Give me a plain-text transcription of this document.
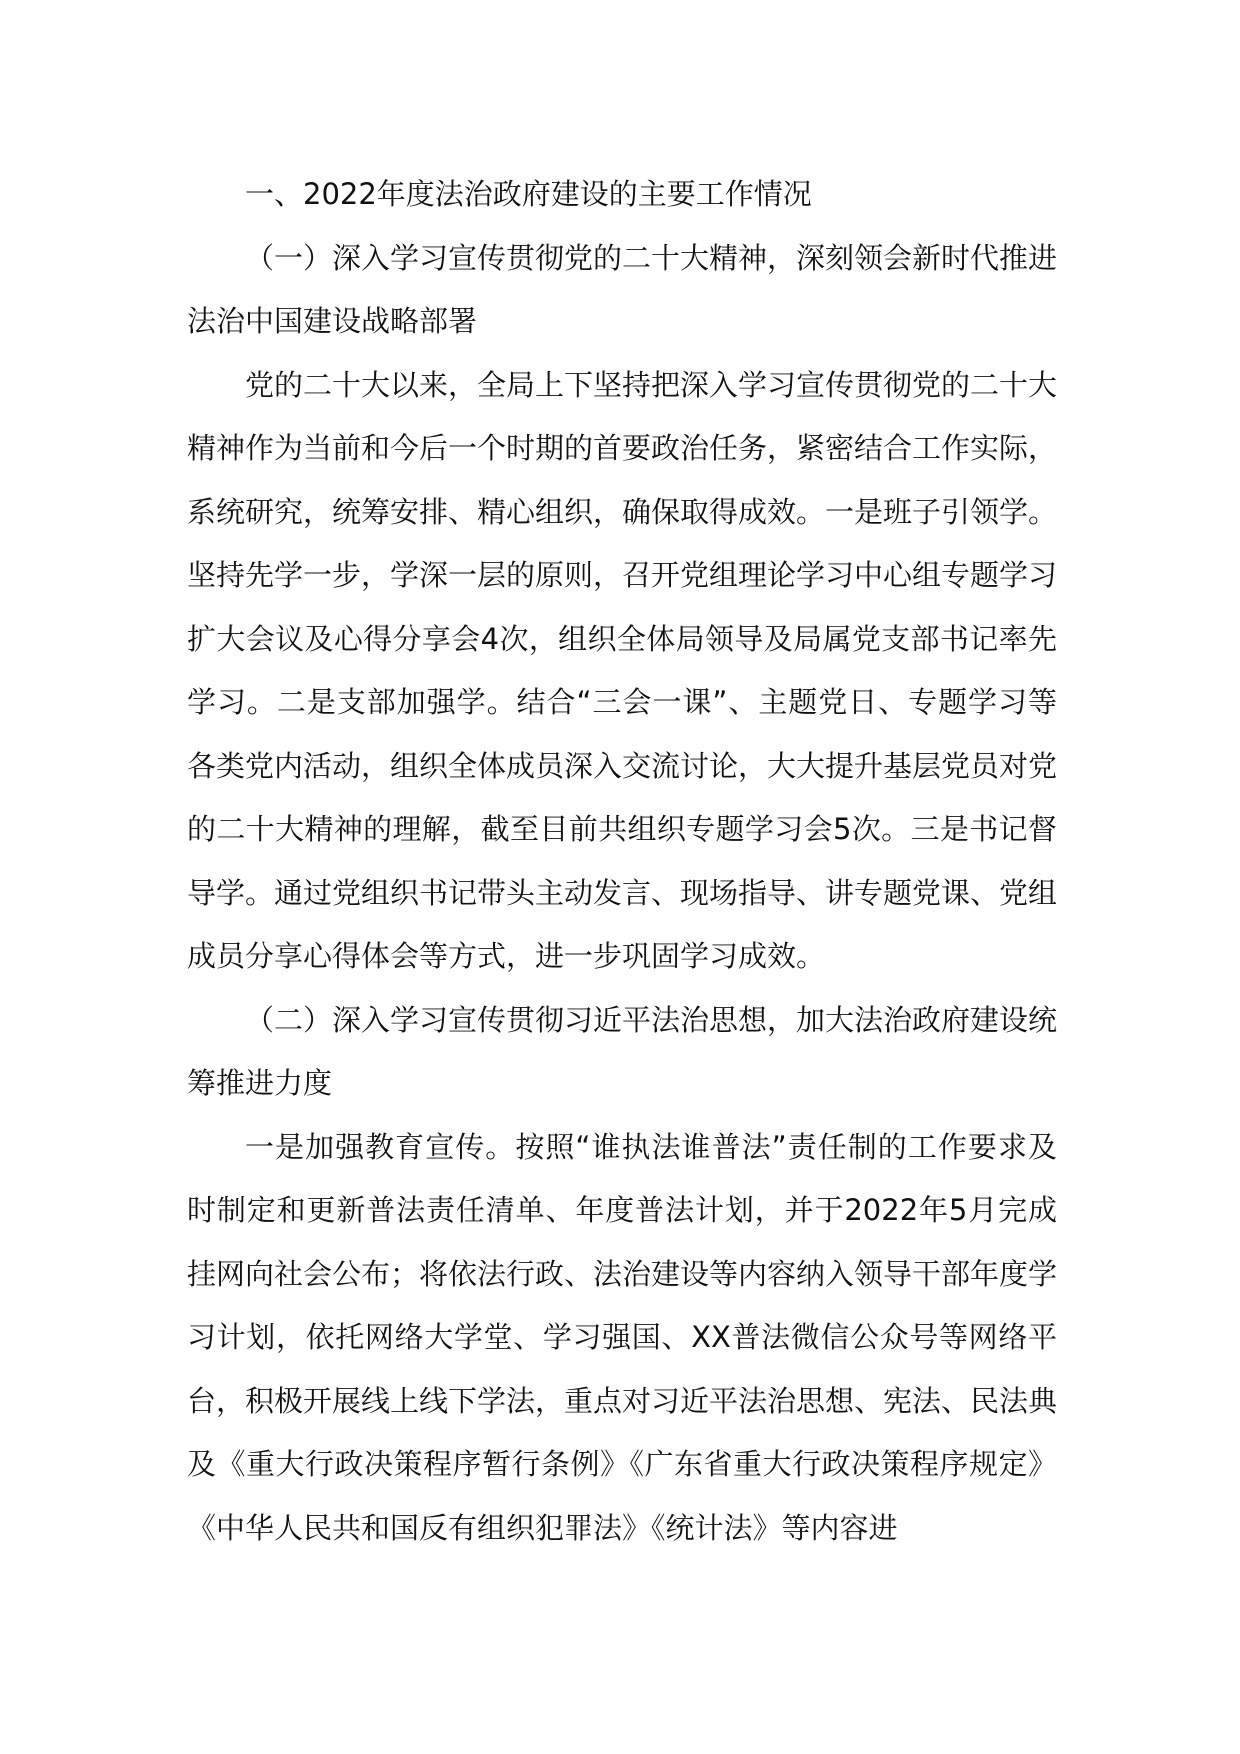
一、2022年度法治政府建设的主要工作情况

（一）深入学习宣传贯彻党的二十大精神，深刻领会新时代推进法治中国建设战略部署

党的二十大以来，全局上下坚持把深入学习宣传贯彻党的二十大精神作为当前和今后一个时期的首要政治任务，紧密结合工作实际，系统研究，统筹安排、精心组织，确保取得成效。一是班子引领学。坚持先学一步，学深一层的原则，召开党组理论学习中心组专题学习扩大会议及心得分享会4次，组织全体局领导及局属党支部书记率先学习。二是支部加强学。结合“三会一课”、主题党日、专题学习等各类党内活动，组织全体成员深入交流讨论，大大提升基层党员对党的二十大精神的理解，截至目前共组织专题学习会5次。三是书记督导学。通过党组织书记带头主动发言、现场指导、讲专题党课、党组成员分享心得体会等方式，进一步巩固学习成效。

（二）深入学习宣传贯彻习近平法治思想，加大法治政府建设统筹推进力度

一是加强教育宣传。按照“谁执法谁普法”责任制的工作要求及时制定和更新普法责任清单、年度普法计划，并于2022年5月完成挂网向社会公布；将依法行政、法治建设等内容纳入领导干部年度学习计划，依托网络大学堂、学习强国、XX普法微信公众号等网络平台，积极开展线上线下学法，重点对习近平法治思想、宪法、民法典及《重大行政决策程序暂行条例》《广东省重大行政决策程序规定》《中华人民共和国反有组织犯罪法》《统计法》等内容进
